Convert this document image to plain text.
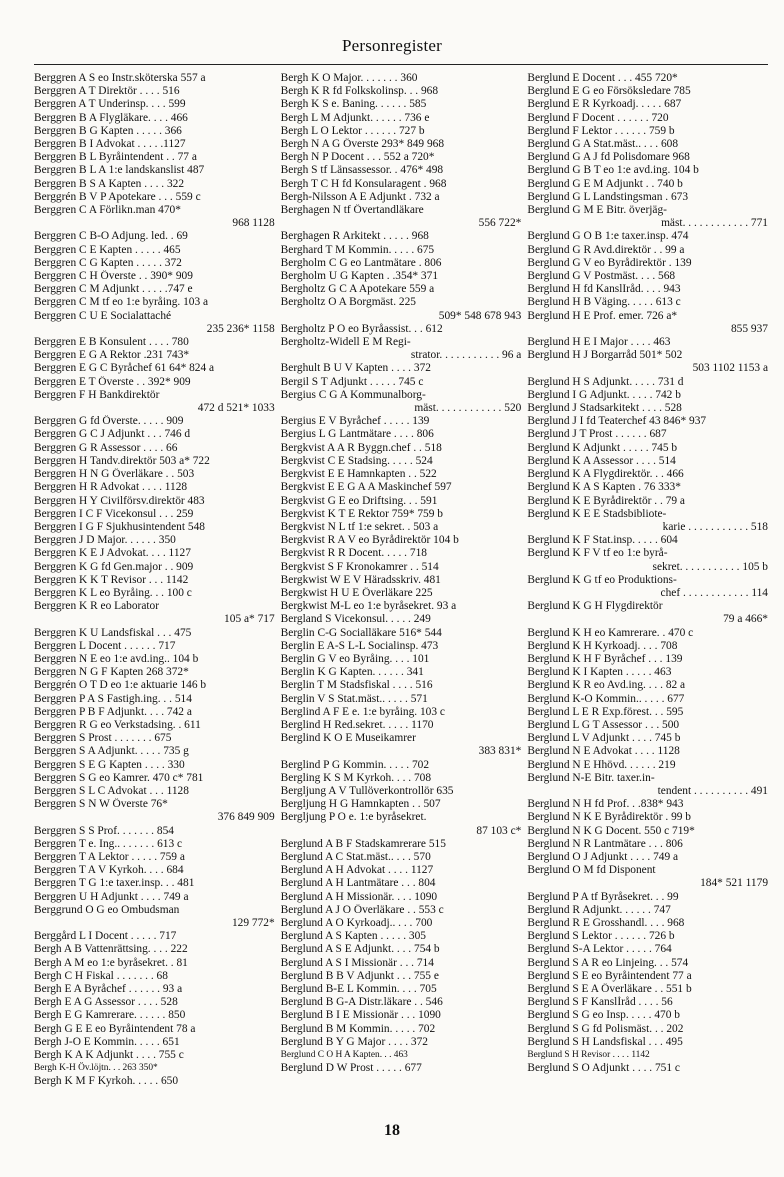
Personregister
Berggren A S eo Instr.sköterska 557 a
Berggren A T Direktör . . . . 516
Berggren A T Underinsp. . . . 599
Berggren B A Flygläkare. . . . 466
Berggren B G Kapten . . . . . 366
Berggren B I Advokat . . . . .1127
Berggren B L Byråintendent . . 77 a
Berggren B L A 1:e landskanslist 487
Berggren B S A Kapten . . . . 322
Berggrén B V P Apotekare . . . 559 c
Berggren C A Förlikn.man 470*
968 1128
Berggren C B-O Adjung. led. . 69
Berggren C E Kapten . . . . . 465
Berggren C G Kapten . . . . . 372
Berggren C H Överste . . 390* 909
Berggren C M Adjunkt . . . . .747 e
Berggren C M tf eo 1:e byråing. 103 a
Berggren C U E Socialattaché
235 236* 1158
Berggren E B Konsulent . . . . 780
Berggren E G A Rektor .231 743*
Berggren E G C Byråchef 61 64* 824 a
Berggren E T Överste . . 392* 909
Berggren F H Bankdirektör
472 d 521* 1033
Berggren G fd Överste. . . . . 909
Berggren G C J Adjunkt . . . 746 d
Berggren G R Assessor . . . . 66
Berggren H Tandv.direktör 503 a* 722
Berggren H N G Överläkare . . 503
Berggren H R Advokat . . . . 1128
Berggren H Y Civilförsv.direktör 483
Berggren I C F Vicekonsul . . . 259
Berggren I G F Sjukhusintendent 548
Berggren J D Major. . . . . . 350
Berggren K E J Advokat. . . . 1127
Berggren K G fd Gen.major . . 909
Berggren K K T Revisor . . . 1142
Berggren K L eo Byråing. . . 100 c
Berggren K R eo Laborator
105 a* 717
Berggren K U Landsfiskal . . . 475
Berggren L Docent . . . . . . 717
Berggren N E eo 1:e avd.ing.. 104 b
Berggren N G F Kapten 268 372*
Berggrén O T D eo 1:e aktuarie 146 b
Berggren P A S Fastigh.ing. . . 514
Berggren P B F Adjunkt. . . . 742 a
Berggren R G eo Verkstadsing. . 611
Berggren S Prost . . . . . . . 675
Berggren S A Adjunkt. . . . . 735 g
Berggren S E G Kapten . . . . 330
Berggren S G eo Kamrer. 470 c* 781
Berggren S L C Advokat . . . 1128
Berggren S N W Överste 76*
376 849 909
Berggren S S Prof. . . . . . . 854
Berggren T e. Ing.. . . . . . . 613 c
Berggren T A Lektor . . . . . 759 a
Berggren T A V Kyrkoh. . . . 684
Berggren T G 1:e taxer.insp. . . 481
Berggren U H Adjunkt . . . . 749 a
Berggrund O G eo Ombudsman
129 772*
Berggård L I Docent . . . . . 717
Bergh A B Vattenrättsing. . . . 222
Bergh A M eo 1:e byråsekret. . 81
Bergh C H Fiskal . . . . . . . 68
Bergh E A Byråchef . . . . . . 93 a
Bergh E A G Assessor . . . . 528
Bergh E G Kamrerare. . . . . . 850
Bergh G E E eo Byråintendent 78 a
Bergh J-O E Kommin. . . . . 651
Bergh K A K Adjunkt . . . . 755 c
Bergh K-H Öv.löjtn. . . 263 350*
Bergh K M F Kyrkoh. . . . . 650
Bergh K O Major. . . . . . . 360
Bergh K R fd Folkskolinsp. . . 968
Bergh K S e. Baning. . . . . . 585
Bergh L M Adjunkt. . . . . . 736 e
Bergh L O Lektor . . . . . . 727 b
Bergh N A G Överste 293* 849 968
Bergh N P Docent . . . 552 a 720*
Bergh S tf Länsassessor. . 476* 498
Bergh T C H fd Konsularagent . 968
Bergh-Nilsson A E Adjunkt . 732 a
Berghagen N tf Övertandläkare
556 722*
Berghagen R Arkitekt . . . . . 968
Berghard T M Kommin. . . . . 675
Bergholm C G eo Lantmätare . 806
Bergholm U G Kapten . .354* 371
Bergholtz G C A Apotekare 559 a
Bergholtz O A Borgmäst. 225
509* 548 678 943
Bergholtz P O eo Byråassist. . . 612
Bergholtz-Widell E M Regi-
strator. . . . . . . . . . . 96 a
Berghult B U V Kapten . . . . 372
Bergil S T Adjunkt . . . . . 745 c
Bergius C G A Kommunalborg-
mäst. . . . . . . . . . . . 520
Bergius E V Byråchef . . . . . 139
Bergius L G Lantmätare . . . . 806
Bergkvist A A R Byggn.chef . . 518
Bergkvist C E Stadsing. . . . . 524
Bergkvist E E Hamnkapten . . 522
Bergkvist E E G A A Maskinchef 597
Bergkvist G E eo Driftsing. . . 591
Bergkvist K T E Rektor 759* 759 b
Bergkvist N L tf 1:e sekret. . 503 a
Bergkvist R A V eo Byrådirektör 104 b
Bergkvist R R Docent. . . . . 718
Bergkvist S F Kronokamrer . . 514
Bergkwist W E V Häradsskriv. 481
Bergkwist H U E Överläkare 225
Bergkwist M-L eo 1:e byråsekret. 93 a
Bergland S Vicekonsul. . . . . 249
Berglin C-G Socialläkare 516* 544
Berglin E A-S L-L Socialinsp. 473
Berglin G V eo Byråing. . . . 101
Berglin K G Kapten. . . . . . 341
Berglin T M Stadsfiskal . . . . 516
Berglin V S Stat.mäst.. . . . . 571
Berglind A F E e. 1:e byråing. 103 c
Berglind H Red.sekret. . . . . 1170
Berglind K O E Museikamrer
383 831*
Berglind P G Kommin. . . . . 702
Bergling K S M Kyrkoh. . . . 708
Bergljung A V Tullöverkontrollör 635
Bergljung H G Hamnkapten . . 507
Bergljung P O e. 1:e byråsekret.
87 103 c*
Berglund A B F Stadskamrerare 515
Berglund A C Stat.mäst.. . . . 570
Berglund A H Advokat . . . . 1127
Berglund A H Lantmätare . . . 804
Berglund A H Missionär. . . . 1090
Berglund A J O Överläkare . . 553 c
Berglund A O Kyrkoadj.. . . . 700
Berglund A S Kapten . . . . . 305
Berglund A S E Adjunkt. . . . 754 b
Berglund A S I Missionär . . . 714
Berglund B B V Adjunkt . . . 755 e
Berglund B-E L Kommin. . . . 705
Berglund B G-A Distr.läkare . . 546
Berglund B I E Missionär . . . 1090
Berglund B M Kommin. . . . . 702
Berglund B Y G Major . . . . 372
Berglund C O H A Kapten. . . 463
Berglund D W Prost . . . . . 677
Berglund E Docent . . . 455 720*
Berglund E G eo Försöksledare 785
Berglund E R Kyrkoadj. . . . . 687
Berglund F Docent . . . . . . 720
Berglund F Lektor . . . . . . 759 b
Berglund G A Stat.mäst.. . . . 608
Berglund G A J fd Polisdomare 968
Berglund G B T eo 1:e avd.ing. 104 b
Berglund G E M Adjunkt . . 740 b
Berglund G L Landstingsman . 673
Berglund G M E Bitr. överjäg-
mäst. . . . . . . . . . . . 771
Berglund G O B 1:e taxer.insp. 474
Berglund G R Avd.direktör . . 99 a
Berglund G V eo Byrådirektör . 139
Berglund G V Postmäst. . . . 568
Berglund H fd KanslIråd. . . . 943
Berglund H B Väging. . . . . 613 c
Berglund H E Prof. emer. 726 a*
855 937
Berglund H E I Major . . . . 463
Berglund H J Borgarråd 501* 502
503 1102 1153 a
Berglund H S Adjunkt. . . . . 731 d
Berglund I G Adjunkt. . . . . 742 b
Berglund J Stadsarkitekt . . . . 528
Berglund J I fd Teaterchef 43 846* 937
Berglund J T Prost . . . . . . 687
Berglund K Adjunkt . . . . . 745 b
Berglund K A Assessor . . . . 514
Berglund K A Flygdirektör. . . 466
Berglund K A S Kapten . 76 333*
Berglund K E Byrådirektör . . 79 a
Berglund K E E Stadsbibliote-
karie . . . . . . . . . . . 518
Berglund K F Stat.insp. . . . . 604
Berglund K F V tf eo 1:e byrå-
sekret. . . . . . . . . . . 105 b
Berglund K G tf eo Produktions-
chef . . . . . . . . . . . . 114
Berglund K G H Flygdirektör
79 a 466*
Berglund K H eo Kamrerare. . 470 c
Berglund K H Kyrkoadj. . . . 708
Berglund K H F Byråchef . . . 139
Berglund K I Kapten . . . . . 463
Berglund K R eo Avd.ing. . . . 82 a
Berglund K-O Kommin.. . . . . 677
Berglund L E R Exp.förest. . . 595
Berglund L G T Assessor . . . 500
Berglund L V Adjunkt . . . . 745 b
Berglund N E Advokat . . . . 1128
Berglund N E Hhövd. . . . . . 219
Berglund N-E Bitr. taxer.in-
tendent . . . . . . . . . . 491
Berglund N H fd Prof. . .838* 943
Berglund N K E Byrådirektör . 99 b
Berglund N K G Docent. 550 c 719*
Berglund N R Lantmätare . . . 806
Berglund O J Adjunkt . . . . 749 a
Berglund O M fd Disponent
184* 521 1179
Berglund P A tf Byråsekret. . . 99
Berglund R Adjunkt. . . . . . 747
Berglund R E Grosshandl. . . . 968
Berglund S Lektor . . . . . . 726 b
Berglund S-A Lektor . . . . . 764
Berglund S A R eo Linjeing. . . 574
Berglund S E eo Byråintendent 77 a
Berglund S E A Överläkare . . 551 b
Berglund S F Kanslİråd . . . . 56
Berglund S G eo Insp. . . . . 470 b
Berglund S G fd Polismäst. . . 202
Berglund S H Landsfiskal . . . 495
Berglund S H Revisor . . . . 1142
Berglund S O Adjunkt . . . . 751 c
18
